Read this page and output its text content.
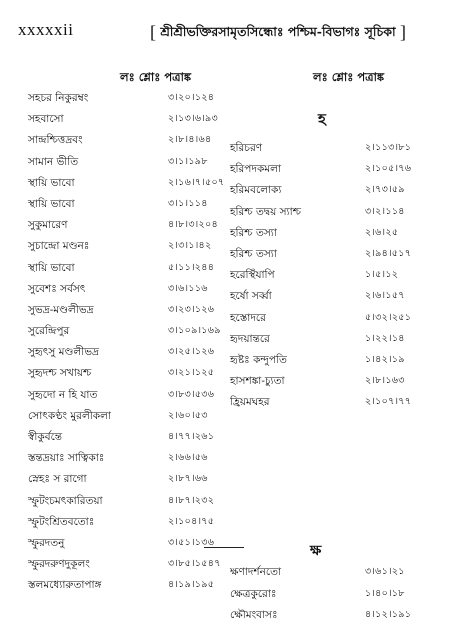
xxxxxii	[ শ্রীশ্রীভক্তিরসামৃতসিন্ধোঃ পশ্চিম-বিভাগঃ সূচিকা ]
লঃ শ্লোঃ পত্রাঙ্ক	লঃ শ্লোঃ পত্রাঙ্ক
সহচর নিকুরম্বং	৩।২০।১২৪
সহবাসো	২।১৩।৬।৯৩
সান্দ্রশ্চিত্তদ্রবং	২।৮।৪।৬৪
সামান ভীতি	৩।১।১৯৮
স্থায়ি ভাবো	২।১৬।৭।৫০৭
স্থায়ি ভাবো	৩।১।১১৪
সুকুমারেণ	৪।৮।৩।২০৪
সুচান্দ্রো মণ্ডনঃ	২।৩।১।৪২
স্থায়ি ভাবো	৫।১১।২৪৪
সুবেশঃ সর্বসৎ	৩।৬।১১৬
সুভদ্র-মণ্ডলীভদ্র	৩।২৩।১২৬
সুরেন্দ্রিপুর	৩।১০৯।১৬৯
সুহৃৎসু মণ্ডলীভদ্র	৩।২৫।১২৬
সুহৃদশ্চ সখায়শ্চ	৩।২১।১২৫
সুহৃদো ন হি যাত	৩।৮৩।৫৩৬
সোৎকণ্ঠং মুরলীকলা	২।৬০।৫৩
স্বীকুর্বন্তে	৪।৭৭।২৬১
স্তন্তদ্রয়াঃ সাত্বিকাঃ	২।৬৬।৫৬
স্নেহঃ স রাগো	২।৮৭।৬৬
স্ফুটংচমৎকারিতয়া	৪।৮৭।২৩২
স্ফুটংশ্রিতবতোঃ	২।১০৪।৭৫
স্ফুরদতনু	৩।৫১।১৩৬
স্ফুরদরুণদুকূলং	৩।৮৫।১৫৪৭
স্তলমধ্যোরুতাপাঙ্গ	৪।১৯।১৯৫
হ
হরিচরণ	২।১১৩।৮১
হরিপদকমলা	২।১০৫।৭৬
হরিমবলোক্য	২।৭৩।৫৯
হরিশ্চ তদ্বয় স্যাশ্চ	৩।২।১১৪
হরিশ্চ তস্যা	২।৬।২৫
হরিশ্চ তস্যা	২।৯৪।৫১৭
হরেস্থিঁযাপি	১।৫।১২
হর্ষো সর্ব্বা	২।৬।১৫৭
হস্তোদরে	৫।৩২।২৫১
হৃদয়ান্তরে	১।২২।১৪
হৃষ্টঃ কন্দুপতি	১।৪২।১৯
হাসশঙ্কা-চ্যুতা	২।৮।১৬৩
হ্রিয়মঘহর	২।১০৭।৭৭
ক্ষ
ক্ষণাদর্শনতো	৩।৬১।২১
ক্ষেত্রকুরোঃ	১।৪০।১৮
ক্ষৌমংবাসঃ	৪।১২।১৯১
